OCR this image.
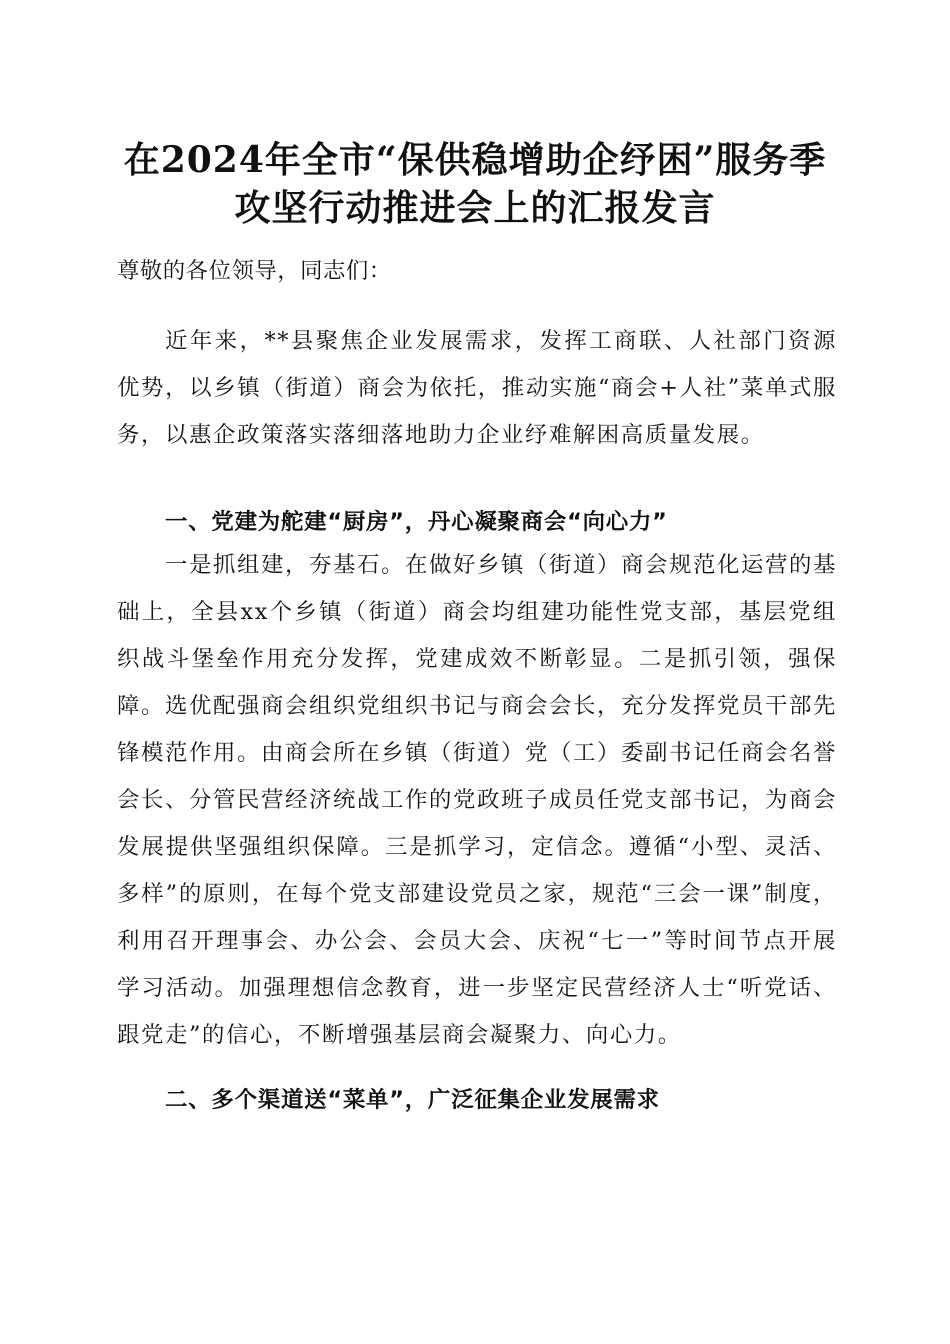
在2024年全市“保供稳增助企纾困”服务季
攻坚行动推进会上的汇报发言
尊敬的各位领导，同志们：
近年来，**县聚焦企业发展需求，发挥工商联、人社部门资源优势，以乡镇（街道）商会为依托，推动实施“商会+人社”菜单式服务，以惠企政策落实落细落地助力企业纾难解困高质量发展。
一、党建为舵建“厨房”，丹心凝聚商会“向心力”
一是抓组建，夯基石。在做好乡镇（街道）商会规范化运营的基础上，全县xx个乡镇（街道）商会均组建功能性党支部，基层党组织战斗堡垒作用充分发挥，党建成效不断彰显。二是抓引领，强保障。选优配强商会组织党组织书记与商会会长，充分发挥党员干部先锋模范作用。由商会所在乡镇（街道）党（工）委副书记任商会名誉会长、分管民营经济统战工作的党政班子成员任党支部书记，为商会发展提供坚强组织保障。三是抓学习，定信念。遵循“小型、灵活、多样”的原则，在每个党支部建设党员之家，规范“三会一课”制度，利用召开理事会、办公会、会员大会、庆祝“七一”等时间节点开展学习活动。加强理想信念教育，进一步坚定民营经济人士“听党话、跟党走”的信心，不断增强基层商会凝聚力、向心力。
二、多个渠道送“菜单”，广泛征集企业发展需求
